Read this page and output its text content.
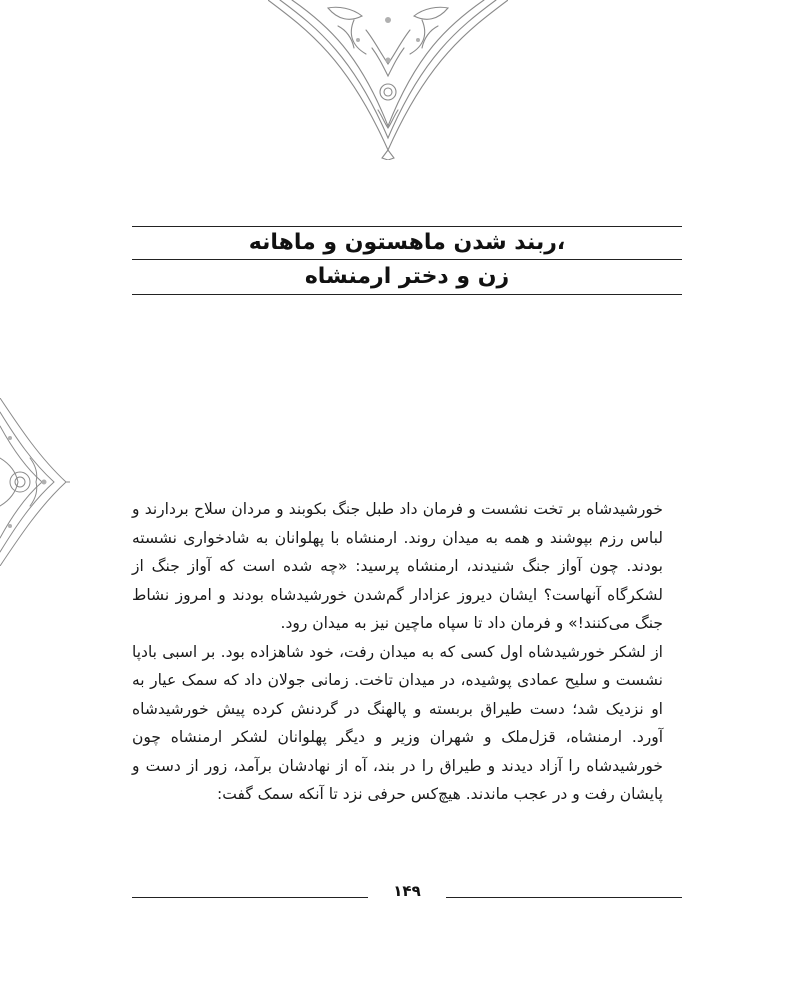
،ربند شدن ماهستون و ماهانه
زن و دختر ارمنشاه

خورشیدشاه بر تخت نشست و فرمان داد طبل جنگ بکوبند و مردان سلاح بردارند و لباس رزم بپوشند و همه به میدان روند. ارمنشاه با پهلوانان به شادخواری نشسته بودند. چون آواز جنگ شنیدند، ارمنشاه پرسید: «چه شده است که آواز جنگ از لشکرگاه آنهاست؟ ایشان دیروز عزادار گم‌شدن خورشیدشاه بودند و امروز نشاط جنگ می‌کنند!» و فرمان داد تا سپاه ماچین نیز به میدان رود.

از لشکر خورشیدشاه اول کسی که به میدان رفت، خود شاهزاده بود. بر اسبی بادپا نشست و سلیح عمادی پوشیده، در میدان تاخت. زمانی جولان داد که سمک عیار به او نزدیک شد؛ دست طیراق بربسته و پالهنگ در گردنش کرده پیش خورشیدشاه آورد. ارمنشاه، قزل‌ملک و شهران وزیر و دیگر پهلوانان لشکر ارمنشاه چون خورشیدشاه را آزاد دیدند و طیراق را در بند، آه از نهادشان برآمد، زور از دست و پایشان رفت و در عجب ماندند. هیچ‌کس حرفی نزد تا آنکه سمک گفت:

۱۴۹
